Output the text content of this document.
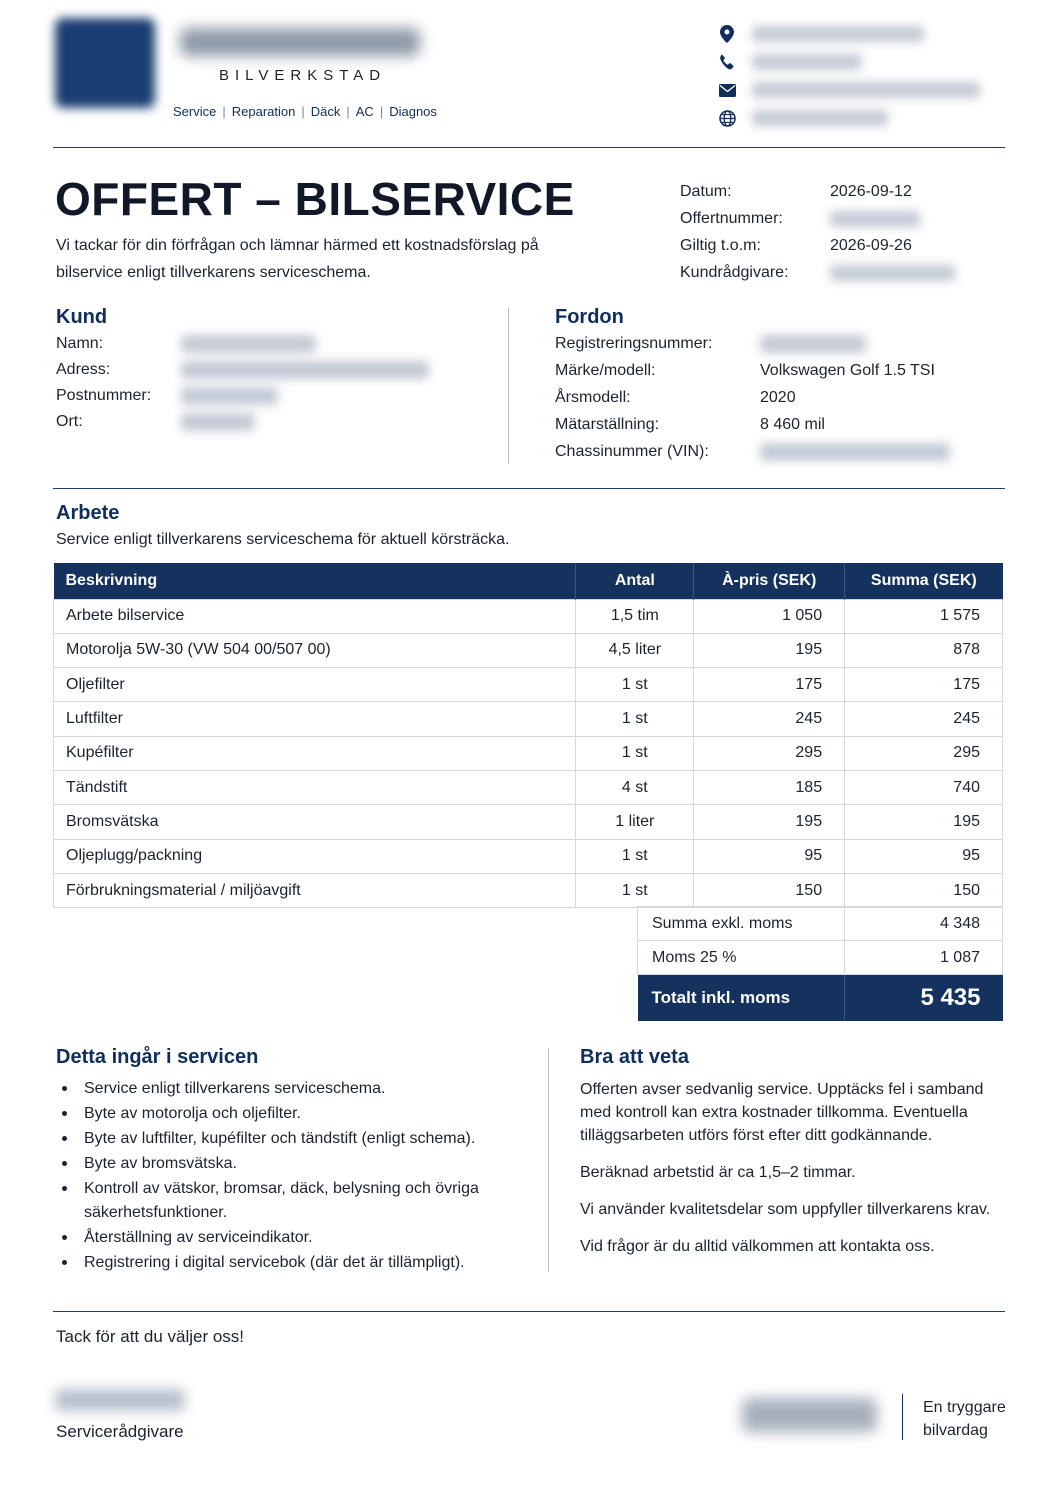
BILVERKSTAD
Service | Reparation | Däck | AC | Diagnos
OFFERT – BILSERVICE
Vi tackar för din förfrågan och lämnar härmed ett kostnadsförslag på bilservice enligt tillverkarens serviceschema.
Datum:	2026-09-12
Offertnummer:
Giltig t.o.m:	2026-09-26
Kundrådgivare:
Kund
Namn:
Adress:
Postnummer:
Ort:
Fordon
Registreringsnummer:
Märke/modell:	Volkswagen Golf 1.5 TSI
Årsmodell:	2020
Mätarställning:	8 460 mil
Chassinummer (VIN):
Arbete
Service enligt tillverkarens serviceschema för aktuell körsträcka.
Beskrivning	Antal	À-pris (SEK)	Summa (SEK)
Arbete bilservice	1,5 tim	1 050	1 575
Motorolja 5W-30 (VW 504 00/507 00)	4,5 liter	195	878
Oljefilter	1 st	175	175
Luftfilter	1 st	245	245
Kupéfilter	1 st	295	295
Tändstift	4 st	185	740
Bromsvätska	1 liter	195	195
Oljeplugg/packning	1 st	95	95
Förbrukningsmaterial / miljöavgift	1 st	150	150
Summa exkl. moms	4 348
Moms 25 %	1 087
Totalt inkl. moms	5 435
Detta ingår i servicen
Service enligt tillverkarens serviceschema.
Byte av motorolja och oljefilter.
Byte av luftfilter, kupéfilter och tändstift (enligt schema).
Byte av bromsvätska.
Kontroll av vätskor, bromsar, däck, belysning och övriga säkerhetsfunktioner.
Återställning av serviceindikator.
Registrering i digital servicebok (där det är tillämpligt).
Bra att veta

Offerten avser sedvanlig service. Upptäcks fel i samband med kontroll kan extra kostnader tillkomma. Eventuella tilläggsarbeten utförs först efter ditt godkännande.

Beräknad arbetstid är ca 1,5–2 timmar.

Vi använder kvalitetsdelar som uppfyller tillverkarens krav.

Vid frågor är du alltid välkommen att kontakta oss.

Tack för att du väljer oss!
Servicerådgivare
En tryggare
bilvardag
